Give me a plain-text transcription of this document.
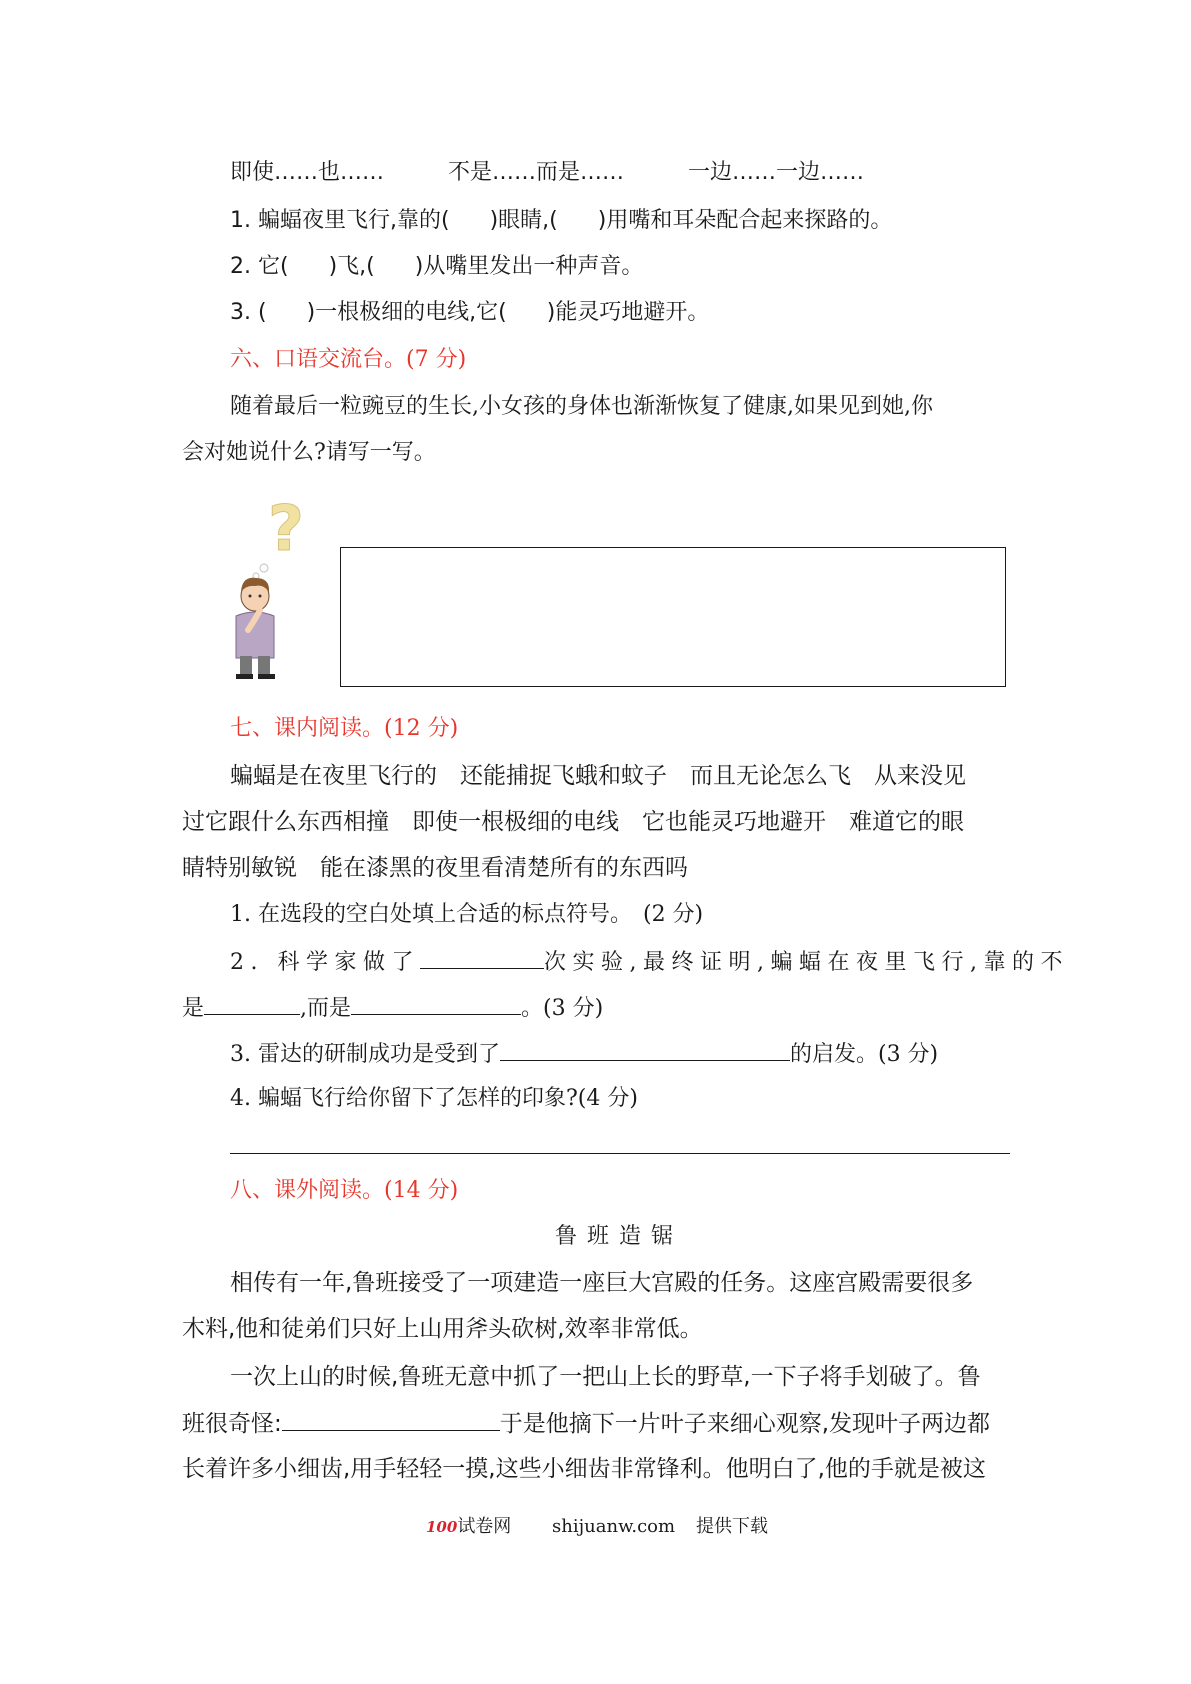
即使……也……	不是……而是……	一边……一边……
1. 蝙蝠夜里飞行,靠的( )眼睛,( )用嘴和耳朵配合起来探路的。
2. 它( )飞,( )从嘴里发出一种声音。
3. ( )一根极细的电线,它( )能灵巧地避开。
六、口语交流台。(7 分)
随着最后一粒豌豆的生长,小女孩的身体也渐渐恢复了健康,如果见到她,你
会对她说什么?请写一写。
?
七、课内阅读。(12 分)
蝙蝠是在夜里飞行的　还能捕捉飞蛾和蚊子　而且无论怎么飞　从来没见
过它跟什么东西相撞　即使一根极细的电线　它也能灵巧地避开　难道它的眼
睛特别敏锐　能在漆黑的夜里看清楚所有的东西吗
1. 在选段的空白处填上合适的标点符号。　(2 分)
2. 科学家做了	次实验,最终证明,蝙蝠在夜里飞行,靠的不
是	,而是	。(3 分)
3. 雷达的研制成功是受到了	的启发。(3 分)
4. 蝙蝠飞行给你留下了怎样的印象?(4 分)
八、课外阅读。(14 分)
鲁班造锯
相传有一年,鲁班接受了一项建造一座巨大宫殿的任务。这座宫殿需要很多
木料,他和徒弟们只好上山用斧头砍树,效率非常低。
一次上山的时候,鲁班无意中抓了一把山上长的野草,一下子将手划破了。鲁
班很奇怪:	于是他摘下一片叶子来细心观察,发现叶子两边都
长着许多小细齿,用手轻轻一摸,这些小细齿非常锋利。他明白了,他的手就是被这
100试卷网 shijuanw.com 提供下载
